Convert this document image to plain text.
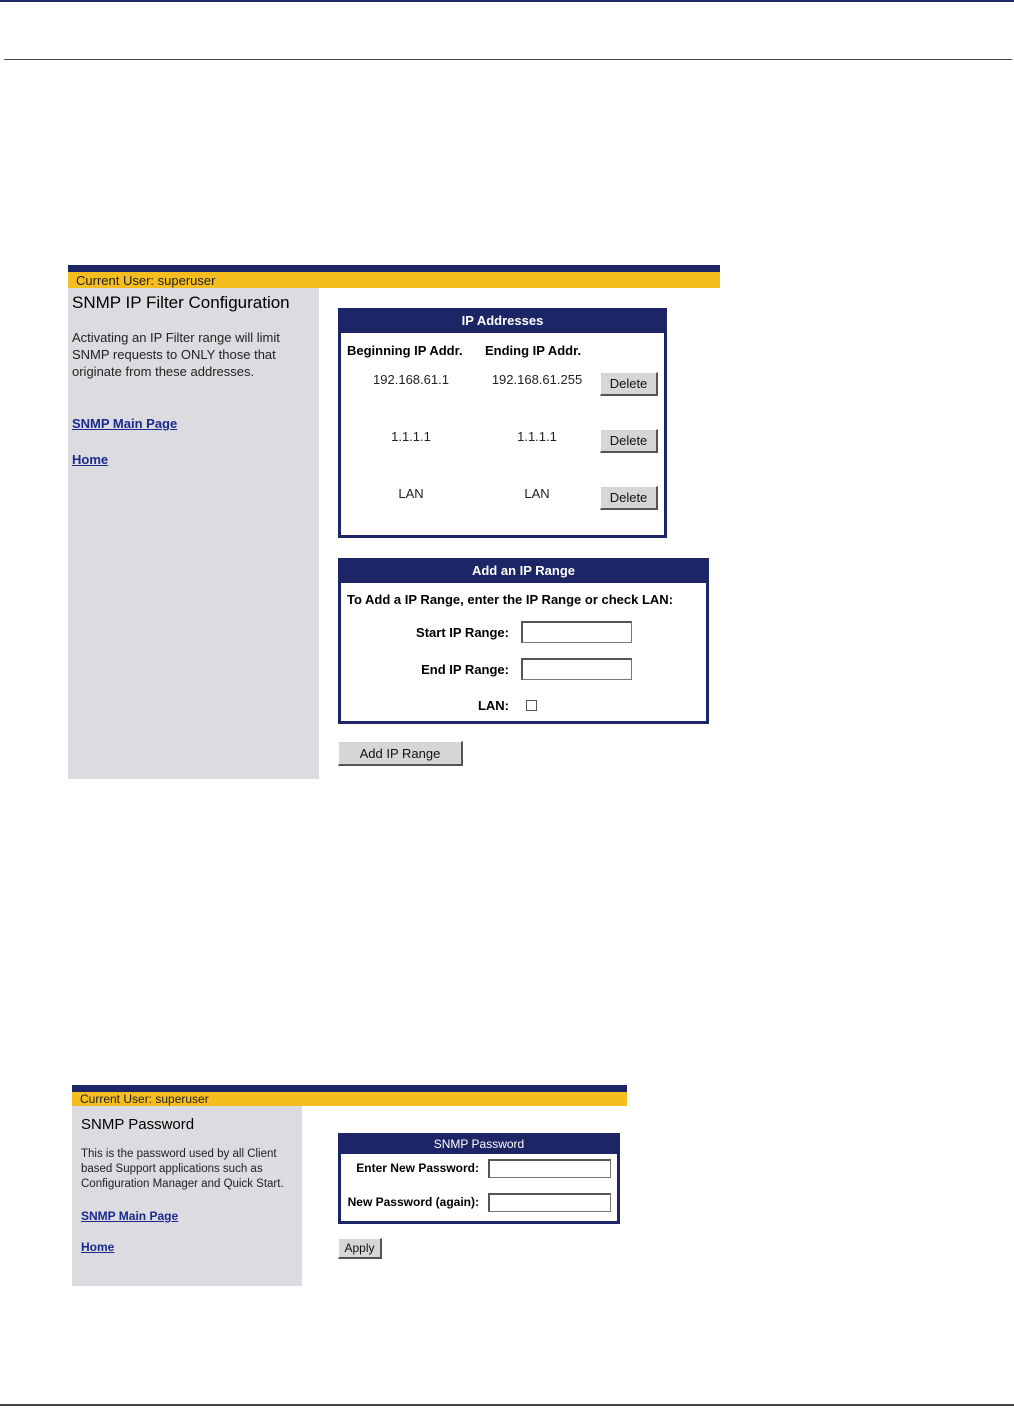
Current User: superuser
SNMP IP Filter Configuration
Activating an IP Filter range will limit SNMP requests to ONLY those that originate from these addresses.
SNMP Main Page
Home
IP Addresses
Beginning IP Addr. Ending IP Addr.
192.168.61.1	192.168.61.255	Delete
1.1.1.1	1.1.1.1	Delete
LAN	LAN	Delete
Add an IP Range
To Add a IP Range, enter the IP Range or check LAN:
Start IP Range:
End IP Range:
LAN:
Add IP Range
Current User: superuser
SNMP Password
This is the password used by all Client based Support applications such as Configuration Manager and Quick Start.
SNMP Main Page
Home
SNMP Password
Enter New Password:
New Password (again):
Apply
